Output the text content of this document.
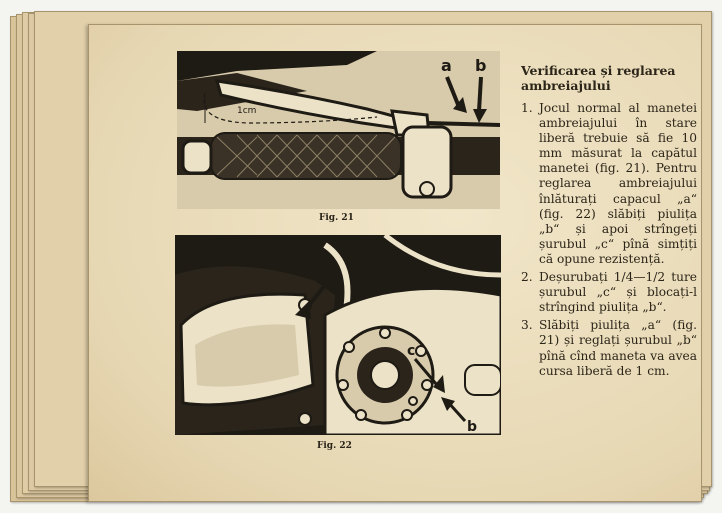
1cm
a b

Fig. 21

a
c
b

Fig. 22

Verificarea și reglarea ambreiajului

1. Jocul normal al manetei ambreiajului în stare liberă trebuie să fie 10 mm măsurat la capătul manetei (fig. 21). Pentru reglarea ambreiajului înlăturați capacul „a“ (fig. 22) slăbiți piulița „b“ și apoi strîngeți șurubul „c“ pînă simțiți că opune rezistență.
2. Deșurubați 1/4—1/2 ture șurubul „c“ și blocați-l strîngind piulița „b“.
3. Slăbiți piulița „a“ (fig. 21) și reglați șurubul „b“ pînă cînd maneta va avea cursa liberă de 1 cm.
